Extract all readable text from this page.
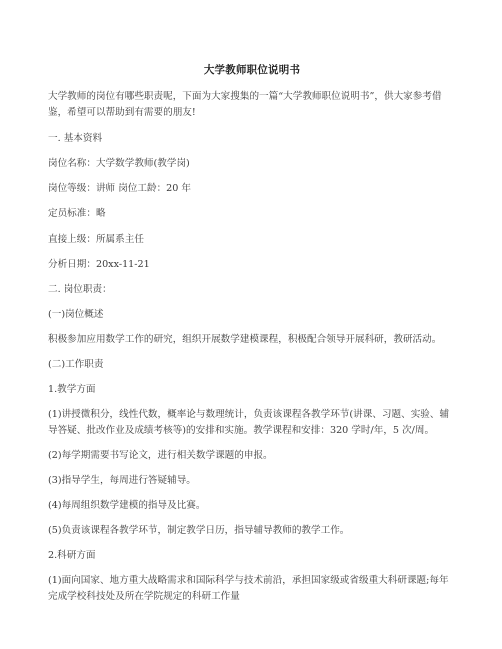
大学教师职位说明书
大学教师的岗位有哪些职责呢，下面为大家搜集的一篇“大学教师职位说明书”，供大家参考借鉴，希望可以帮助到有需要的朋友!
一. 基本资料
岗位名称：大学数学教师(教学岗)
岗位等级：讲师 岗位工龄：20 年
定员标准：略
直接上级：所属系主任
分析日期：20xx-11-21
二. 岗位职责：
(一)岗位概述
积极参加应用数学工作的研究，组织开展数学建模课程，积极配合领导开展科研，教研活动。
(二)工作职责
1.教学方面
(1)讲授微积分，线性代数，概率论与数理统计，负责该课程各教学环节(讲课、习题、实验、辅导答疑、批改作业及成绩考核等)的安排和实施。教学课程和安排：320 学时/年，5 次/周。
(2)每学期需要书写论文，进行相关数学课题的申报。
(3)指导学生，每周进行答疑辅导。
(4)每周组织数学建模的指导及比赛。
(5)负责该课程各教学环节，制定教学日历，指导辅导教师的教学工作。
2.科研方面
(1)面向国家、地方重大战略需求和国际科学与技术前沿，承担国家级或省级重大科研课题;每年完成学校科技处及所在学院规定的科研工作量
